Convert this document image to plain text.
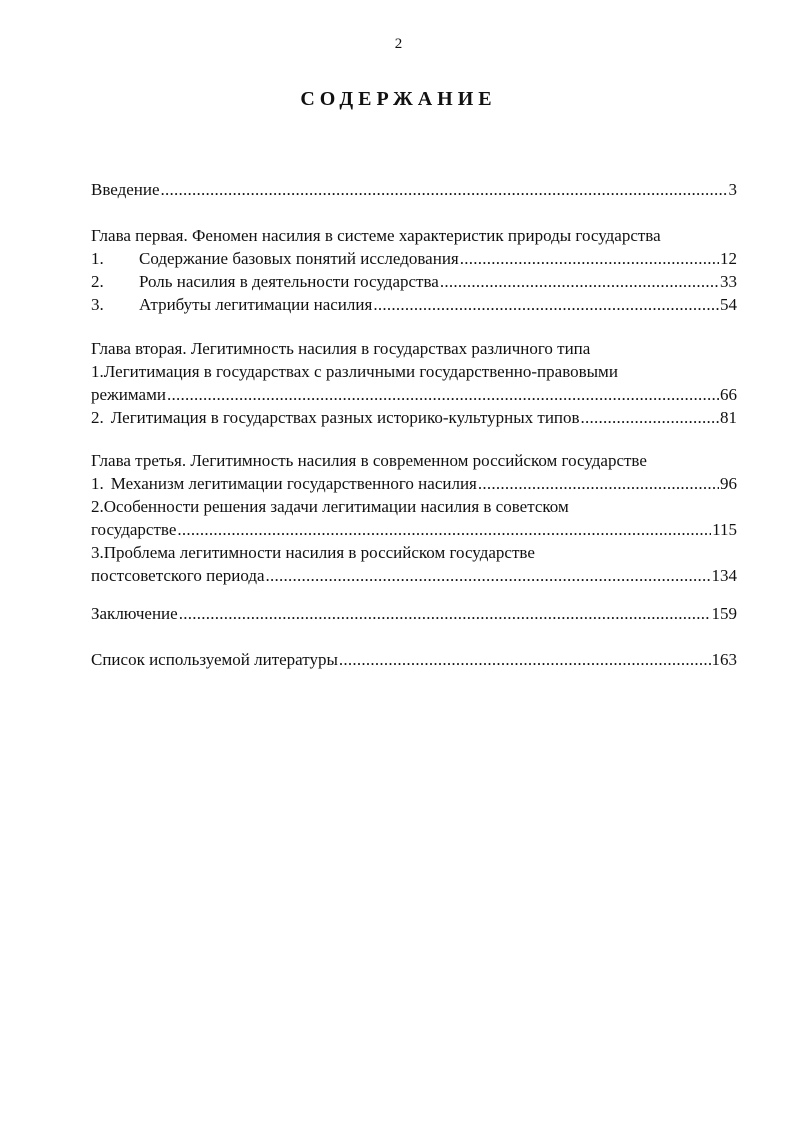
2
СОДЕРЖАНИЕ
Введение . . .	3
Глава первая. Феномен насилия в системе характеристик природы государства
1.	Содержание базовых понятий исследования . . .	12
2.	Роль насилия в деятельности государства . . .	33
3.	Атрибуты легитимации насилия . . .	54
Глава вторая. Легитимность насилия в государствах различного типа
1.Легитимация в государствах с различными государственно-правовыми
режимами . . .	66
2. Легитимация в государствах разных историко-культурных типов . . .	81
Глава третья. Легитимность насилия в современном российском государстве
1. Механизм легитимации государственного насилия . . .	96
2.Особенности решения задачи легитимации насилия в советском
государстве . . .	115
3.Проблема легитимности насилия в российском государстве
постсоветского периода . . .	134
Заключение . . .	159
Список используемой литературы . . .	163
